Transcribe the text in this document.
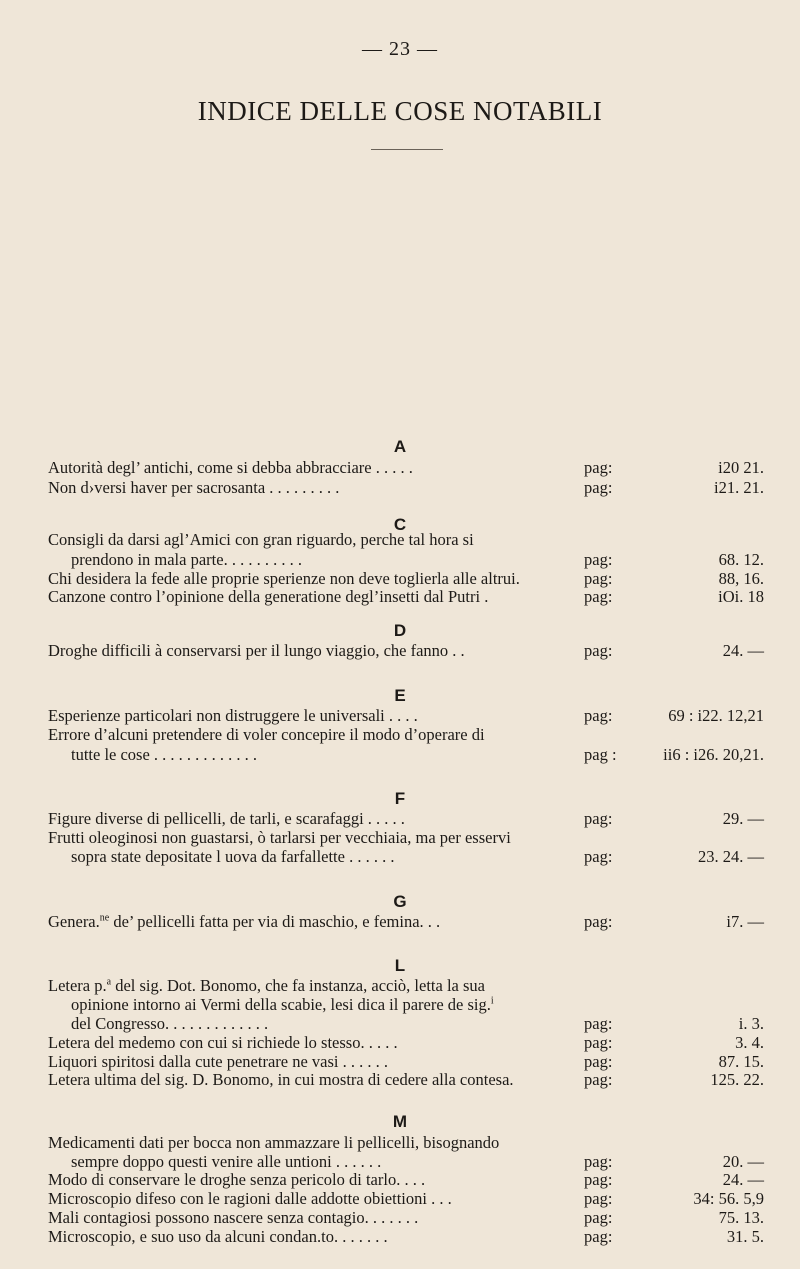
— 23 —
INDICE DELLE COSE NOTABILI
A
Autorità degl’ antichi, come si debba abbracciare . . . . .	pag:	i20 21.
Non d›versi haver per sacrosanta . . . . . . . . .	pag:	i21. 21.
C
Consigli da darsi agl’Amici con gran riguardo, perche tal hora si
prendono in mala parte. . . . . . . . . .	pag:	68. 12.
Chi desidera la fede alle proprie sperienze non deve toglierla alle altrui.	pag:	88, 16.
Canzone contro l’opinione della generatione degl’insetti dal Putri .	pag:	iOi. 18
D
Droghe difficili à conservarsi per il lungo viaggio, che fanno . .	pag:	24. —
E
Esperienze particolari non distruggere le universali . . . .	pag:	69 : i22. 12,21
Errore d’alcuni pretendere di voler concepire il modo d’operare di
tutte le cose . . . . . . . . . . . . .	pag :	ii6 : i26. 20,21.
F
Figure diverse di pellicelli, de tarli, e scarafaggi . . . . .	pag:	29. —
Frutti oleoginosi non guastarsi, ò tarlarsi per vecchiaia, ma per esservi
sopra state depositate l uova da farfallette . . . . . .	pag:	23. 24. —
G
Genera.$^{ne}$ de’ pellicelli fatta per via di maschio, e femina. . .	pag:	i7. —
L
Letera p.$^a$ del sig. Dot. Bonomo, che fa instanza, acciò, letta la sua
opinione intorno ai Vermi della scabie, lesi dica il parere de sig.$^i$
del Congresso. . . . . . . . . . . . .	pag:	i. 3.
Letera del medemo con cui si richiede lo stesso. . . . .	pag:	3. 4.
Liquori spiritosi dalla cute penetrare ne vasi . . . . . .	pag:	87. 15.
Letera ultima del sig. D. Bonomo, in cui mostra di cedere alla contesa.	pag:	125. 22.
M
Medicamenti dati per bocca non ammazzare li pellicelli, bisognando
sempre doppo questi venire alle untioni . . . . . .	pag:	20. —
Modo di conservare le droghe senza pericolo di tarlo. . . .	pag:	24. —
Microscopio difeso con le ragioni dalle addotte obiettioni . . .	pag:	34: 56. 5,9
Mali contagiosi possono nascere senza contagio. . . . . . .	pag:	75. 13.
Microscopio, e suo uso da alcuni condan.to. . . . . . .	pag:	31. 5.
